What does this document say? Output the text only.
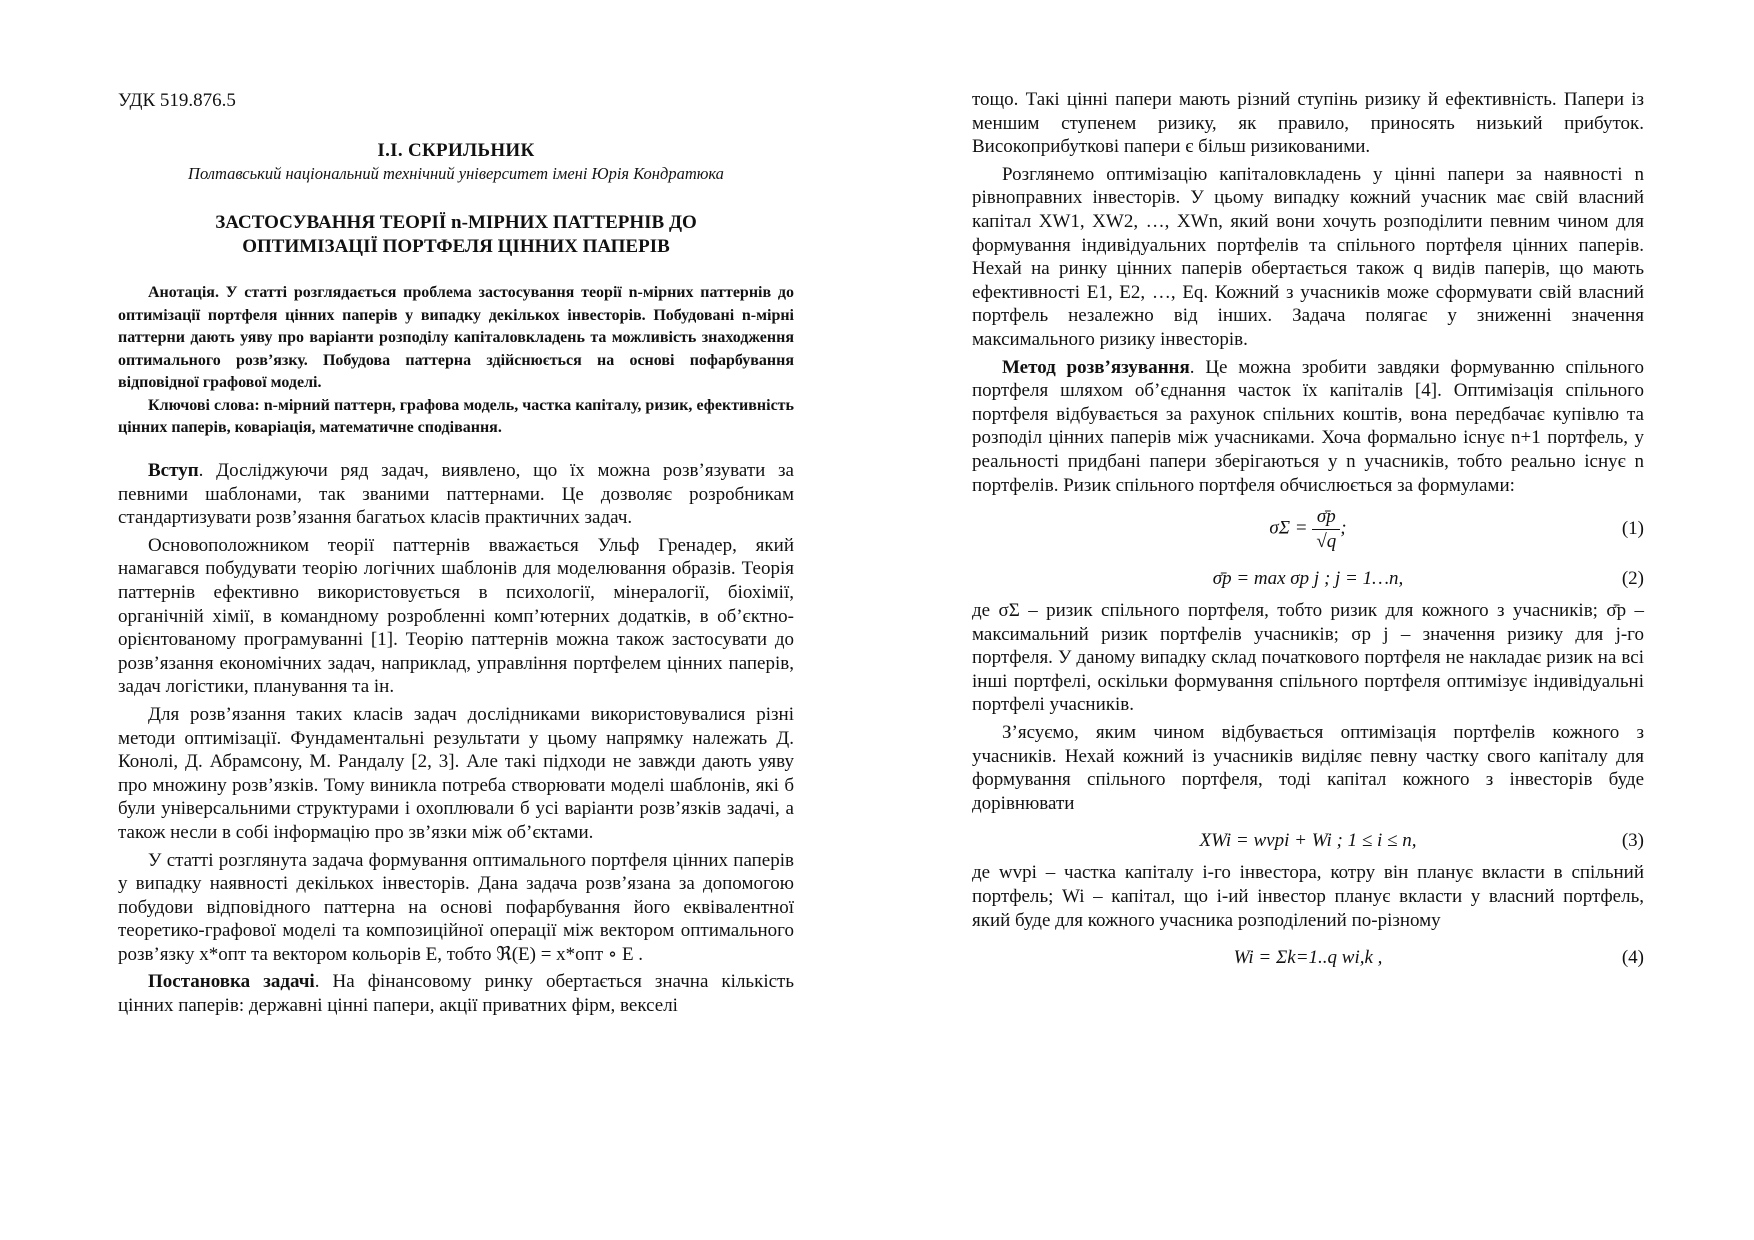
УДК 519.876.5
І.І. СКРИЛЬНИК
Полтавський національний технічний університет імені Юрія Кондратюка
ЗАСТОСУВАННЯ ТЕОРІЇ n-МІРНИХ ПАТТЕРНІВ ДО
ОПТИМІЗАЦІЇ ПОРТФЕЛЯ ЦІННИХ ПАПЕРІВ

Анотація. У статті розглядається проблема застосування теорії n-мірних паттернів до оптимізації портфеля цінних паперів у випадку декількох інвесторів. Побудовані n-мірні паттерни дають уяву про варіанти розподілу капіталовкладень та можливість знаходження оптимального розв’язку. Побудова паттерна здійснюється на основі пофарбування відповідної графової моделі.

Ключові слова: n-мірний паттерн, графова модель, частка капіталу, ризик, ефективність цінних паперів, коваріація, математичне сподівання.

Вступ. Досліджуючи ряд задач, виявлено, що їх можна розв’язувати за певними шаблонами, так званими паттернами. Це дозволяє розробникам стандартизувати розв’язання багатьох класів практичних задач.

Основоположником теорії паттернів вважається Ульф Гренадер, який намагався побудувати теорію логічних шаблонів для моделювання образів. Теорія паттернів ефективно використовується в психології, мінералогії, біохімії, органічній хімії, в командному розробленні комп’ютерних додатків, в об’єктно-орієнтованому програмуванні [1]. Теорію паттернів можна також застосувати до розв’язання економічних задач, наприклад, управління портфелем цінних паперів, задач логістики, планування та ін.

Для розв’язання таких класів задач дослідниками використовувалися різні методи оптимізації. Фундаментальні результати у цьому напрямку належать Д. Конолі, Д. Абрамсону, М. Рандалу [2, 3]. Але такі підходи не завжди дають уяву про множину розв’язків. Тому виникла потреба створювати моделі шаблонів, які б були універсальними структурами і охоплювали б усі варіанти розв’язків задачі, а також несли в собі інформацію про зв’язки між об’єктами.

У статті розглянута задача формування оптимального портфеля цінних паперів у випадку наявності декількох інвесторів. Дана задача розв’язана за допомогою побудови відповідного паттерна на основі пофарбування його еквівалентної теоретико-графової моделі та композиційної операції між вектором оптимального розв’язку x*опт та вектором кольорів E, тобто ℜ(E) = x*опт ∘ E .

Постановка задачі. На фінансовому ринку обертається значна кількість цінних паперів: державні цінні папери, акції приватних фірм, векселі

тощо. Такі цінні папери мають різний ступінь ризику й ефективність. Папери із меншим ступенем ризику, як правило, приносять низький прибуток. Високоприбуткові папери є більш ризикованими.

Розглянемо оптимізацію капіталовкладень у цінні папери за наявності n рівноправних інвесторів. У цьому випадку кожний учасник має свій власний капітал XW1, XW2, …, XWn, який вони хочуть розподілити певним чином для формування індивідуальних портфелів та спільного портфеля цінних паперів. Нехай на ринку цінних паперів обертається також q видів паперів, що мають ефективності E1, E2, …, Eq. Кожний з учасників може сформувати свій власний портфель незалежно від інших. Задача полягає у зниженні значення максимального ризику інвесторів.

Метод розв’язування. Це можна зробити завдяки формуванню спільного портфеля шляхом об’єднання часток їх капіталів [4]. Оптимізація спільного портфеля відбувається за рахунок спільних коштів, вона передбачає купівлю та розподіл цінних паперів між учасниками. Хоча формально існує n+1 портфель, у реальності придбані папери зберігаються у n учасників, тобто реально існує n портфелів. Ризик спільного портфеля обчислюється за формулами:

$\sigma\Sigma = \frac{\sigmāp}{√q}$ ;	(1)
σ̄p = max σp j ; j = 1…n,	(2)

де σΣ – ризик спільного портфеля, тобто ризик для кожного з учасників; σ̄p – максимальний ризик портфелів учасників; σp j – значення ризику для j-го портфеля. У даному випадку склад початкового портфеля не накладає ризик на всі інші портфелі, оскільки формування спільного портфеля оптимізує індивідуальні портфелі учасників.

З’ясуємо, яким чином відбувається оптимізація портфелів кожного з учасників. Нехай кожний із учасників виділяє певну частку свого капіталу для формування спільного портфеля, тоді капітал кожного з інвесторів буде дорівнювати

XWi = wvpi + Wi ; 1 ≤ i ≤ n,	(3)

де wvpi – частка капіталу і-го інвестора, котру він планує вкласти в спільний портфель; Wi – капітал, що і-ий інвестор планує вкласти у власний портфель, який буде для кожного учасника розподілений по-різному

Wi = Σk=1..q wi,k ,	(4)
